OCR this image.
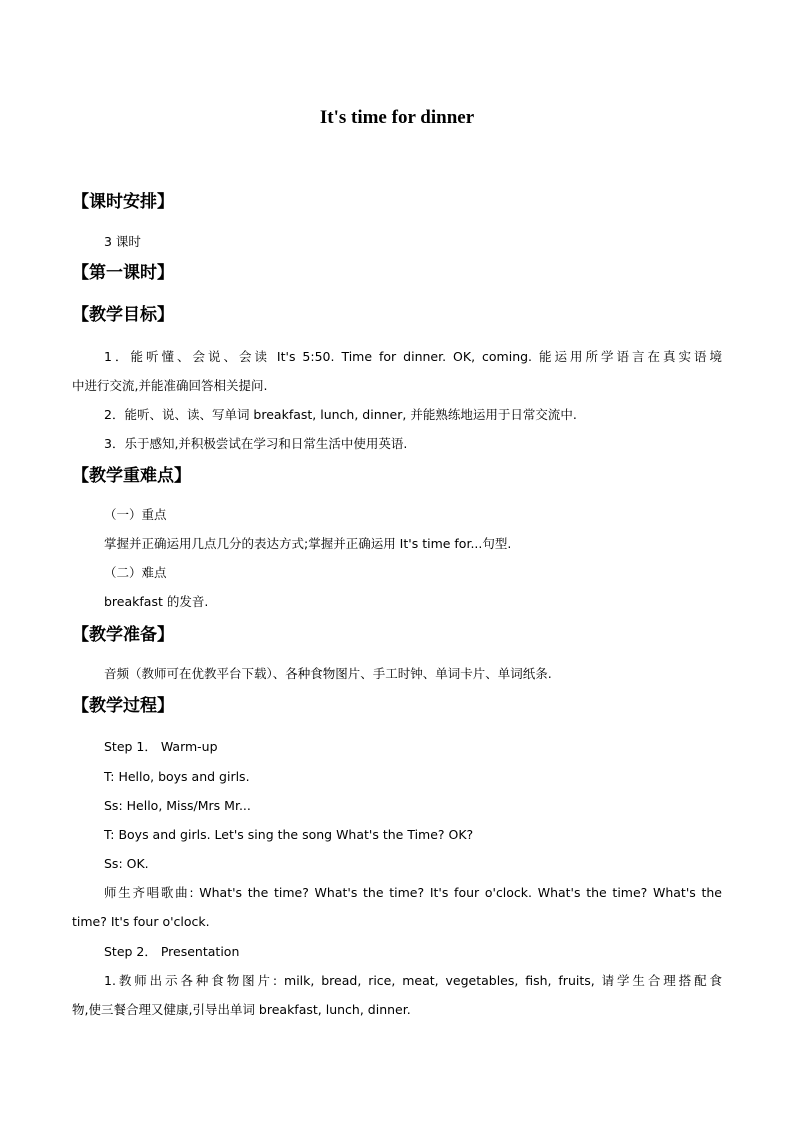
It's time for dinner
【课时安排】
3 课时
【第一课时】
【教学目标】
1．能听懂、会说、会读 It's 5:50. Time for dinner. OK, coming. 能运用所学语言在真实语境
中进行交流,并能准确回答相关提问.
2．能听、说、读、写单词 breakfast, lunch, dinner, 并能熟练地运用于日常交流中.
3．乐于感知,并积极尝试在学习和日常生活中使用英语.
【教学重难点】
（一）重点
掌握并正确运用几点几分的表达方式;掌握并正确运用 It's time for...句型.
（二）难点
breakfast 的发音.
【教学准备】
音频（教师可在优教平台下载）、各种食物图片、手工时钟、单词卡片、单词纸条.
【教学过程】
Step 1． Warm-up
T: Hello, boys and girls.
Ss: Hello, Miss/Mrs Mr...
T: Boys and girls. Let's sing the song What's the Time? OK?
Ss: OK.
师生齐唱歌曲: What's the time? What's the time? It's four o'clock. What's the time? What's the
time? It's four o'clock.
Step 2． Presentation
1.教师出示各种食物图片: milk, bread, rice, meat, vegetables, fish, fruits, 请学生合理搭配食
物,使三餐合理又健康,引导出单词 breakfast, lunch, dinner.
